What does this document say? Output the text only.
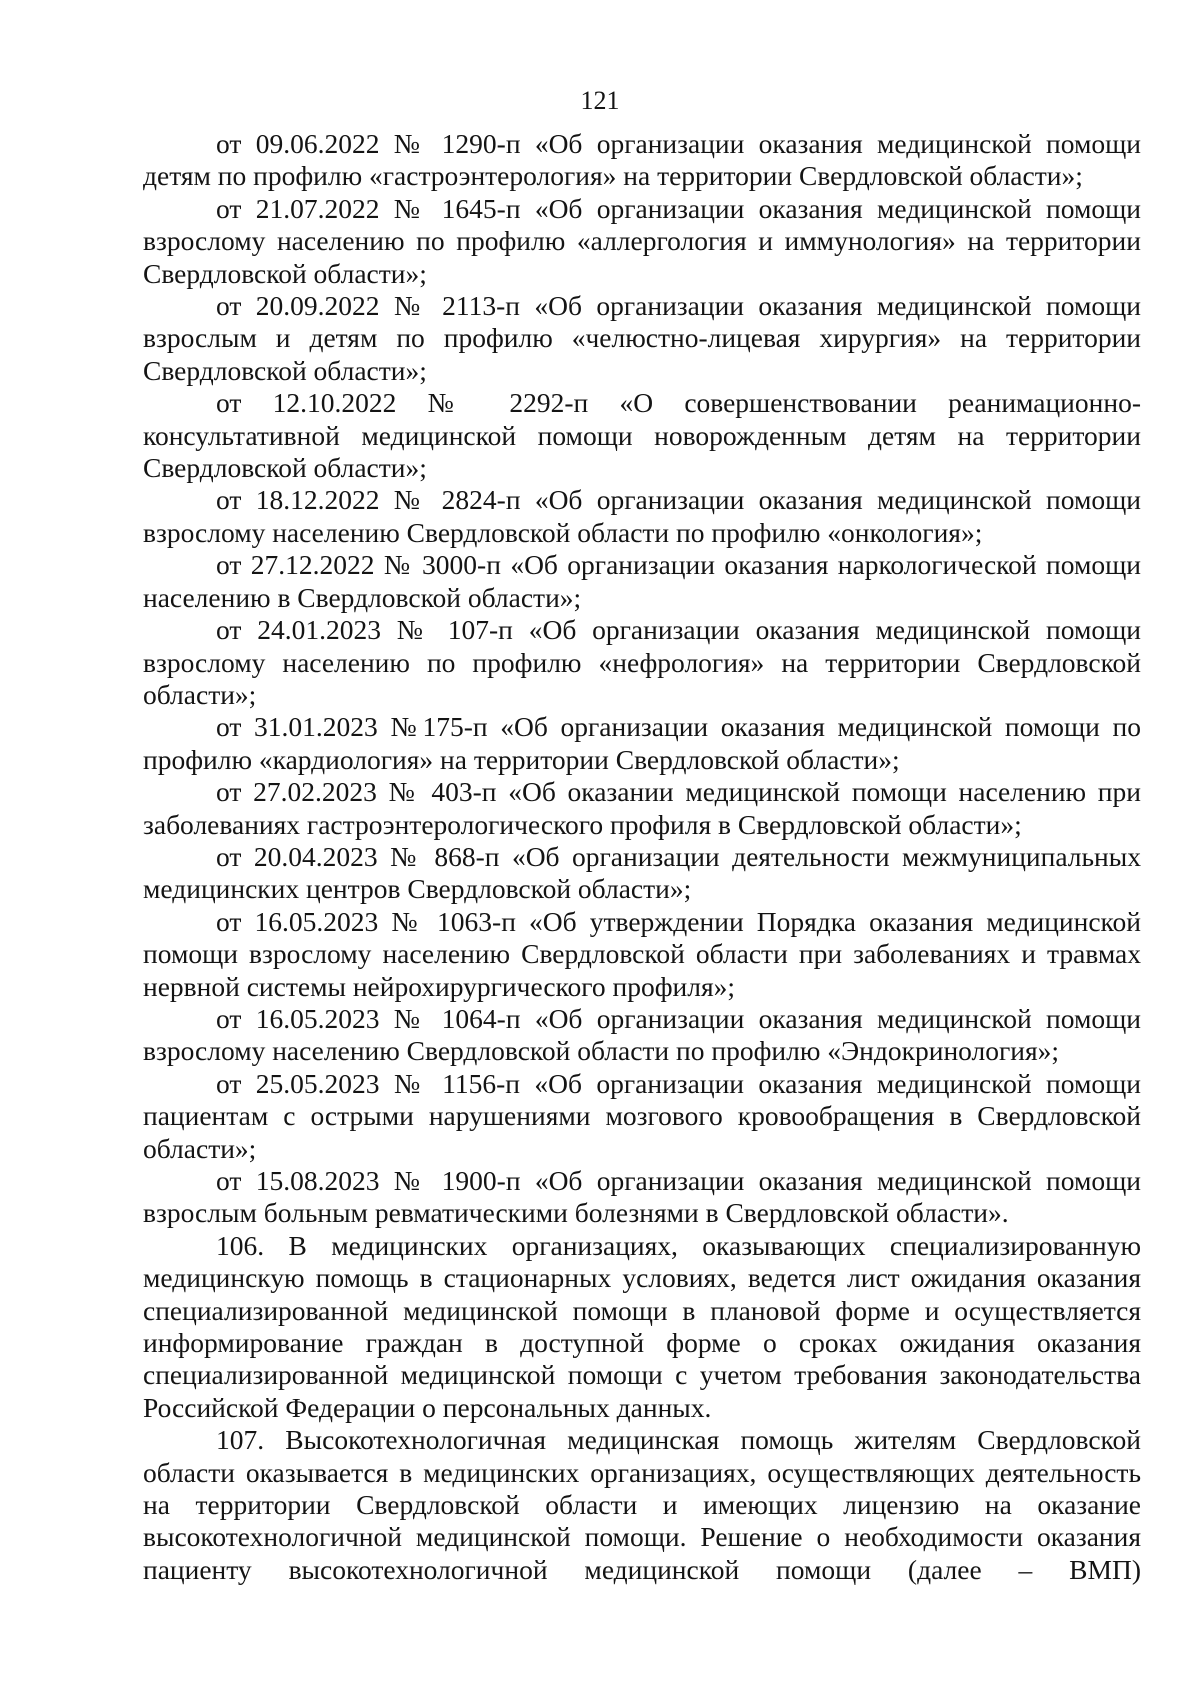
121

от 09.06.2022 № 1290-п «Об организации оказания медицинской помощи детям по профилю «гастроэнтерология» на территории Свердловской области»;

от 21.07.2022 № 1645-п «Об организации оказания медицинской помощи взрослому населению по профилю «аллергология и иммунология» на территории Свердловской области»;

от 20.09.2022 № 2113-п «Об организации оказания медицинской помощи взрослым и детям по профилю «челюстно-лицевая хирургия» на территории Свердловской области»;

от 12.10.2022 № 2292-п «О совершенствовании реанимационно-консультативной медицинской помощи новорожденным детям на территории Свердловской области»;

от 18.12.2022 № 2824-п «Об организации оказания медицинской помощи взрослому населению Свердловской области по профилю «онкология»;

от 27.12.2022 № 3000-п «Об организации оказания наркологической помощи населению в Свердловской области»;

от 24.01.2023 № 107-п «Об организации оказания медицинской помощи взрослому населению по профилю «нефрология» на территории Свердловской области»;

от 31.01.2023 №175-п «Об организации оказания медицинской помощи по профилю «кардиология» на территории Свердловской области»;

от 27.02.2023 № 403-п «Об оказании медицинской помощи населению при заболеваниях гастроэнтерологического профиля в Свердловской области»;

от 20.04.2023 № 868-п «Об организации деятельности межмуниципальных медицинских центров Свердловской области»;

от 16.05.2023 № 1063-п «Об утверждении Порядка оказания медицинской помощи взрослому населению Свердловской области при заболеваниях и травмах нервной системы нейрохирургического профиля»;

от 16.05.2023 № 1064-п «Об организации оказания медицинской помощи взрослому населению Свердловской области по профилю «Эндокринология»;

от 25.05.2023 № 1156-п «Об организации оказания медицинской помощи пациентам с острыми нарушениями мозгового кровообращения в Свердловской области»;

от 15.08.2023 № 1900-п «Об организации оказания медицинской помощи взрослым больным ревматическими болезнями в Свердловской области».

106. В медицинских организациях, оказывающих специализированную медицинскую помощь в стационарных условиях, ведется лист ожидания оказания специализированной медицинской помощи в плановой форме и осуществляется информирование граждан в доступной форме о сроках ожидания оказания специализированной медицинской помощи с учетом требования законодательства Российской Федерации о персональных данных.

107. Высокотехнологичная медицинская помощь жителям Свердловской области оказывается в медицинских организациях, осуществляющих деятельность на территории Свердловской области и имеющих лицензию на оказание высокотехнологичной медицинской помощи. Решение о необходимости оказания пациенту высокотехнологичной медицинской помощи (далее – ВМП)
